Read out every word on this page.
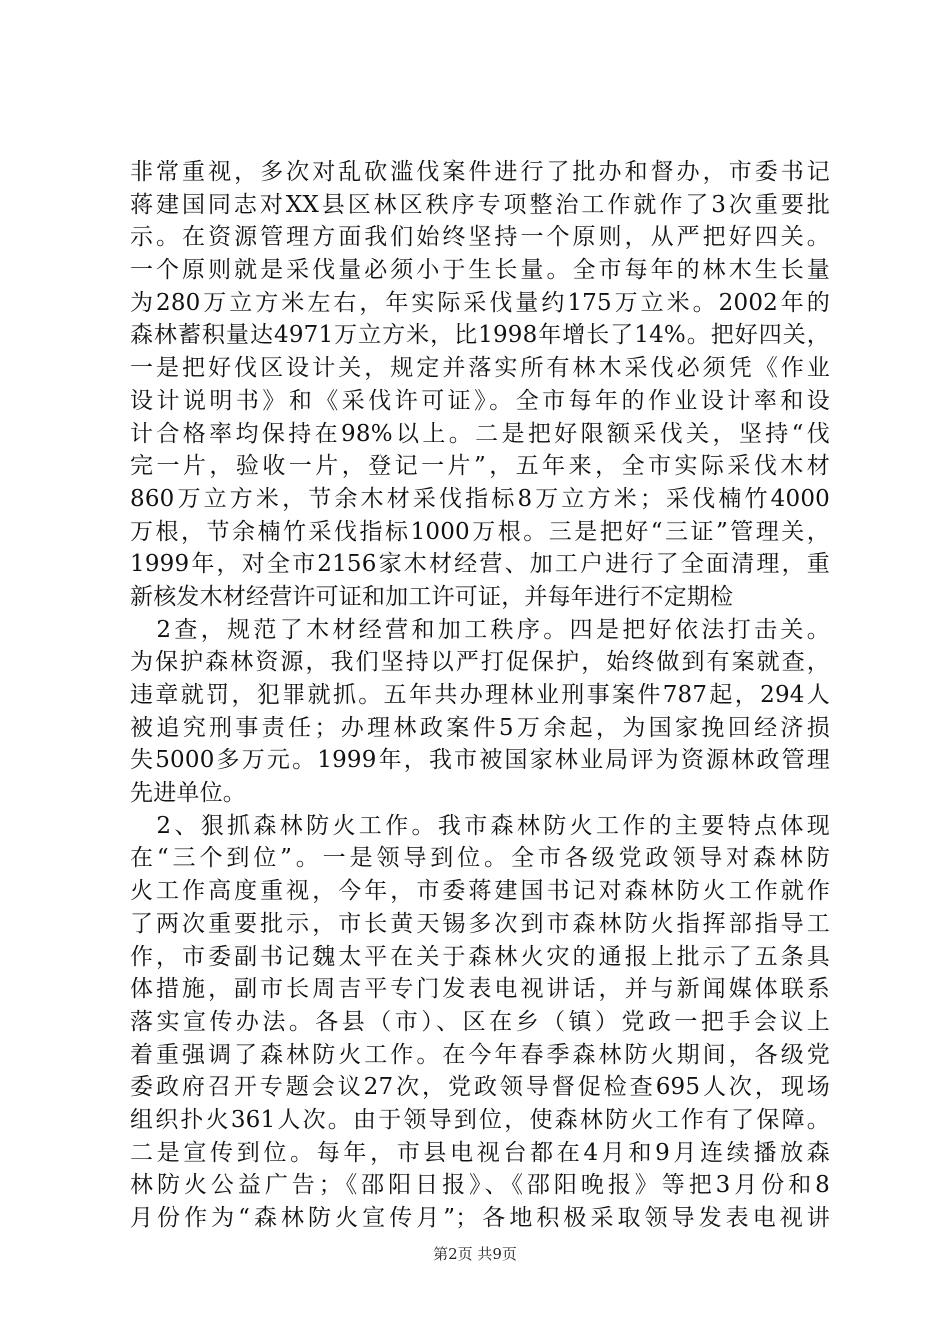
非常重视，多次对乱砍滥伐案件进行了批办和督办，市委书记
蒋建国同志对XX县区林区秩序专项整治工作就作了3次重要批
示。在资源管理方面我们始终坚持一个原则，从严把好四关。
一个原则就是采伐量必须小于生长量。全市每年的林木生长量
为280万立方米左右，年实际采伐量约175万立米。2002年的
森林蓄积量达4971万立方米，比1998年增长了14%。把好四关，
一是把好伐区设计关，规定并落实所有林木采伐必须凭《作业
设计说明书》和《采伐许可证》。全市每年的作业设计率和设
计合格率均保持在98%以上。二是把好限额采伐关，坚持“伐
完一片，验收一片，登记一片”，五年来，全市实际采伐木材
860万立方米，节余木材采伐指标8万立方米；采伐楠竹4000
万根，节余楠竹采伐指标1000万根。三是把好“三证”管理关，
1999年，对全市2156家木材经营、加工户进行了全面清理，重
新核发木材经营许可证和加工许可证，并每年进行不定期检
　2查，规范了木材经营和加工秩序。四是把好依法打击关。
为保护森林资源，我们坚持以严打促保护，始终做到有案就查，
违章就罚，犯罪就抓。五年共办理林业刑事案件787起，294人
被追究刑事责任；办理林政案件5万余起，为国家挽回经济损
失5000多万元。1999年，我市被国家林业局评为资源林政管理
先进单位。
　2、狠抓森林防火工作。我市森林防火工作的主要特点体现
在“三个到位”。一是领导到位。全市各级党政领导对森林防
火工作高度重视，今年，市委蒋建国书记对森林防火工作就作
了两次重要批示，市长黄天锡多次到市森林防火指挥部指导工
作，市委副书记魏太平在关于森林火灾的通报上批示了五条具
体措施，副市长周吉平专门发表电视讲话，并与新闻媒体联系
落实宣传办法。各县（市）、区在乡（镇）党政一把手会议上
着重强调了森林防火工作。在今年春季森林防火期间，各级党
委政府召开专题会议27次，党政领导督促检查695人次，现场
组织扑火361人次。由于领导到位，使森林防火工作有了保障。
二是宣传到位。每年，市县电视台都在4月和9月连续播放森
林防火公益广告；《邵阳日报》、《邵阳晚报》等把3月份和8
月份作为“森林防火宣传月”；各地积极采取领导发表电视讲
第2页 共9页
